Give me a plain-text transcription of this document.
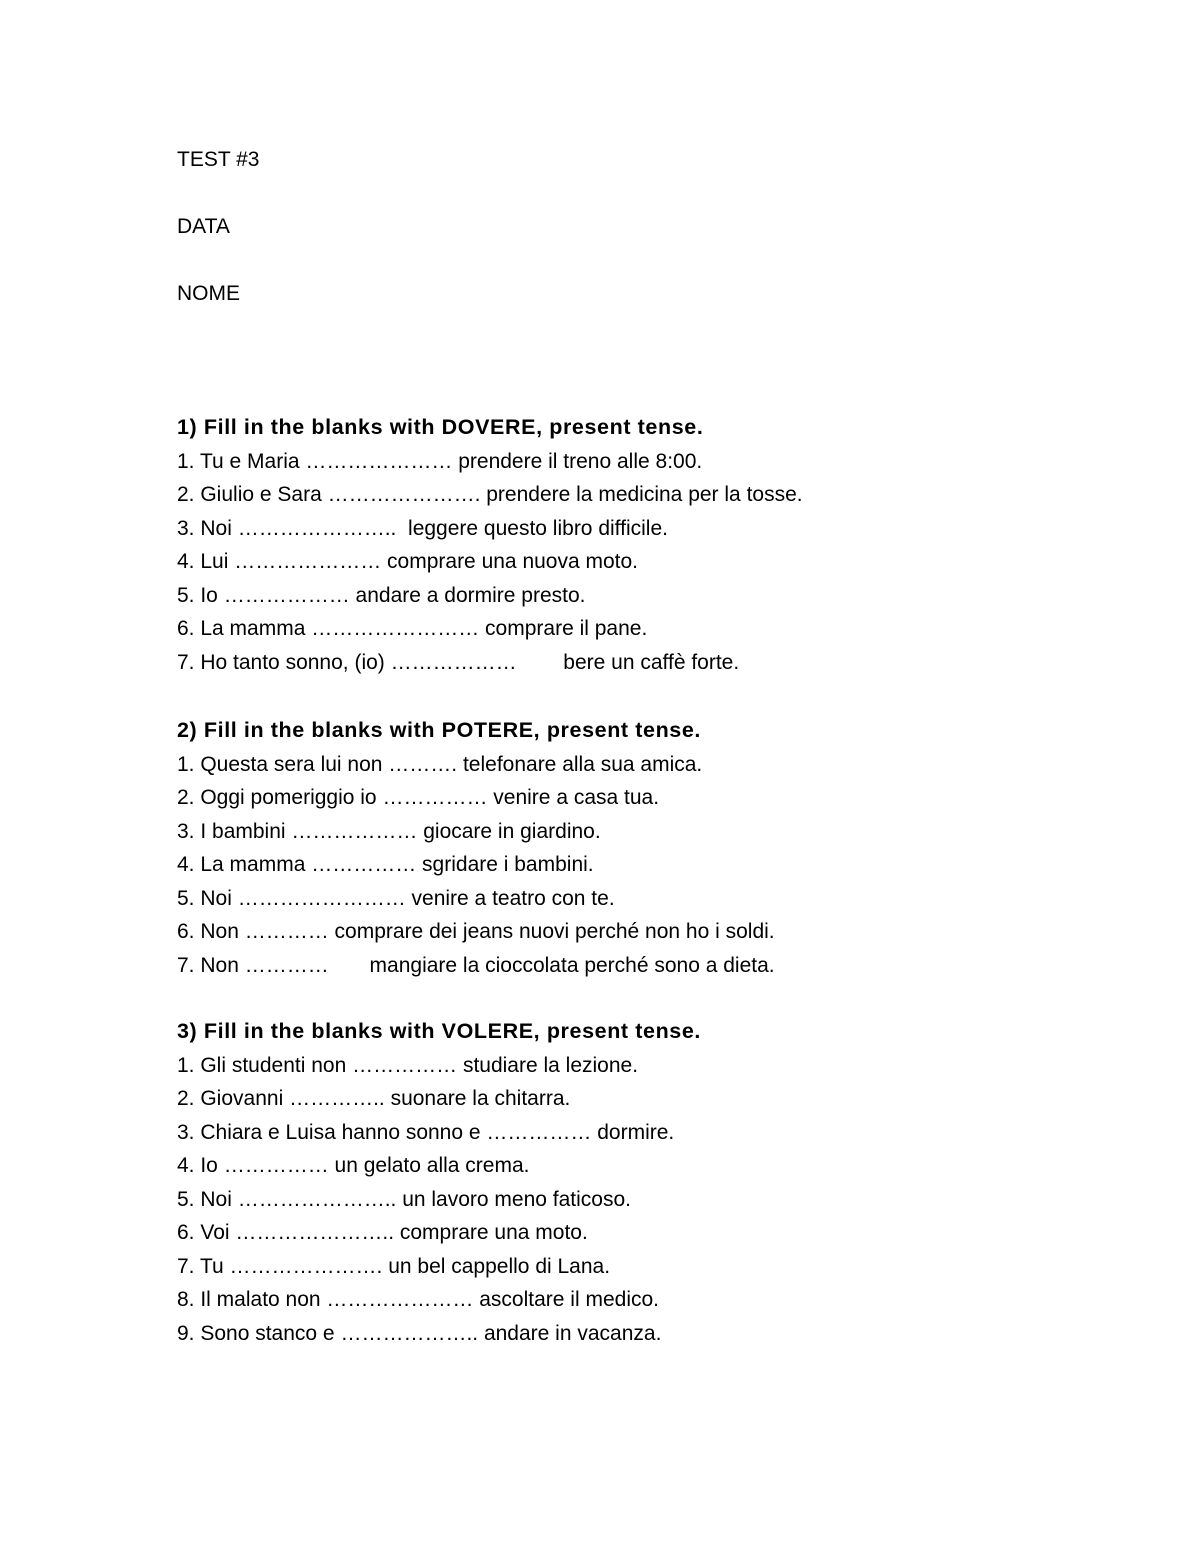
TEST #3
DATA
NOME
1) Fill in the blanks with DOVERE, present tense.
1. Tu e Maria ………………… prendere il treno alle 8:00.
2. Giulio e Sara …………………. prendere la medicina per la tosse.
3. Noi …………………..  leggere questo libro difficile.
4. Lui ………………… comprare una nuova moto.
5. Io ……………… andare a dormire presto.
6. La mamma …………………… comprare il pane.
7. Ho tanto sonno, (io) ………………        bere un caffè forte.
2) Fill in the blanks with POTERE, present tense.
1. Questa sera lui non ………. telefonare alla sua amica.
2. Oggi pomeriggio io …………… venire a casa tua.
3. I bambini ……………… giocare in giardino.
4. La mamma …………… sgridare i bambini.
5. Noi …………………… venire a teatro con te.
6. Non ………… comprare dei jeans nuovi perché non ho i soldi.
7. Non …………       mangiare la cioccolata perché sono a dieta.
3) Fill in the blanks with VOLERE, present tense.
1. Gli studenti non …………… studiare la lezione.
2. Giovanni ………….. suonare la chitarra.
3. Chiara e Luisa hanno sonno e …………… dormire.
4. Io …………… un gelato alla crema.
5. Noi ………………….. un lavoro meno faticoso.
6. Voi ………………….. comprare una moto.
7. Tu …………………. un bel cappello di Lana.
8. Il malato non ………………… ascoltare il medico.
9. Sono stanco e ……………….. andare in vacanza.
